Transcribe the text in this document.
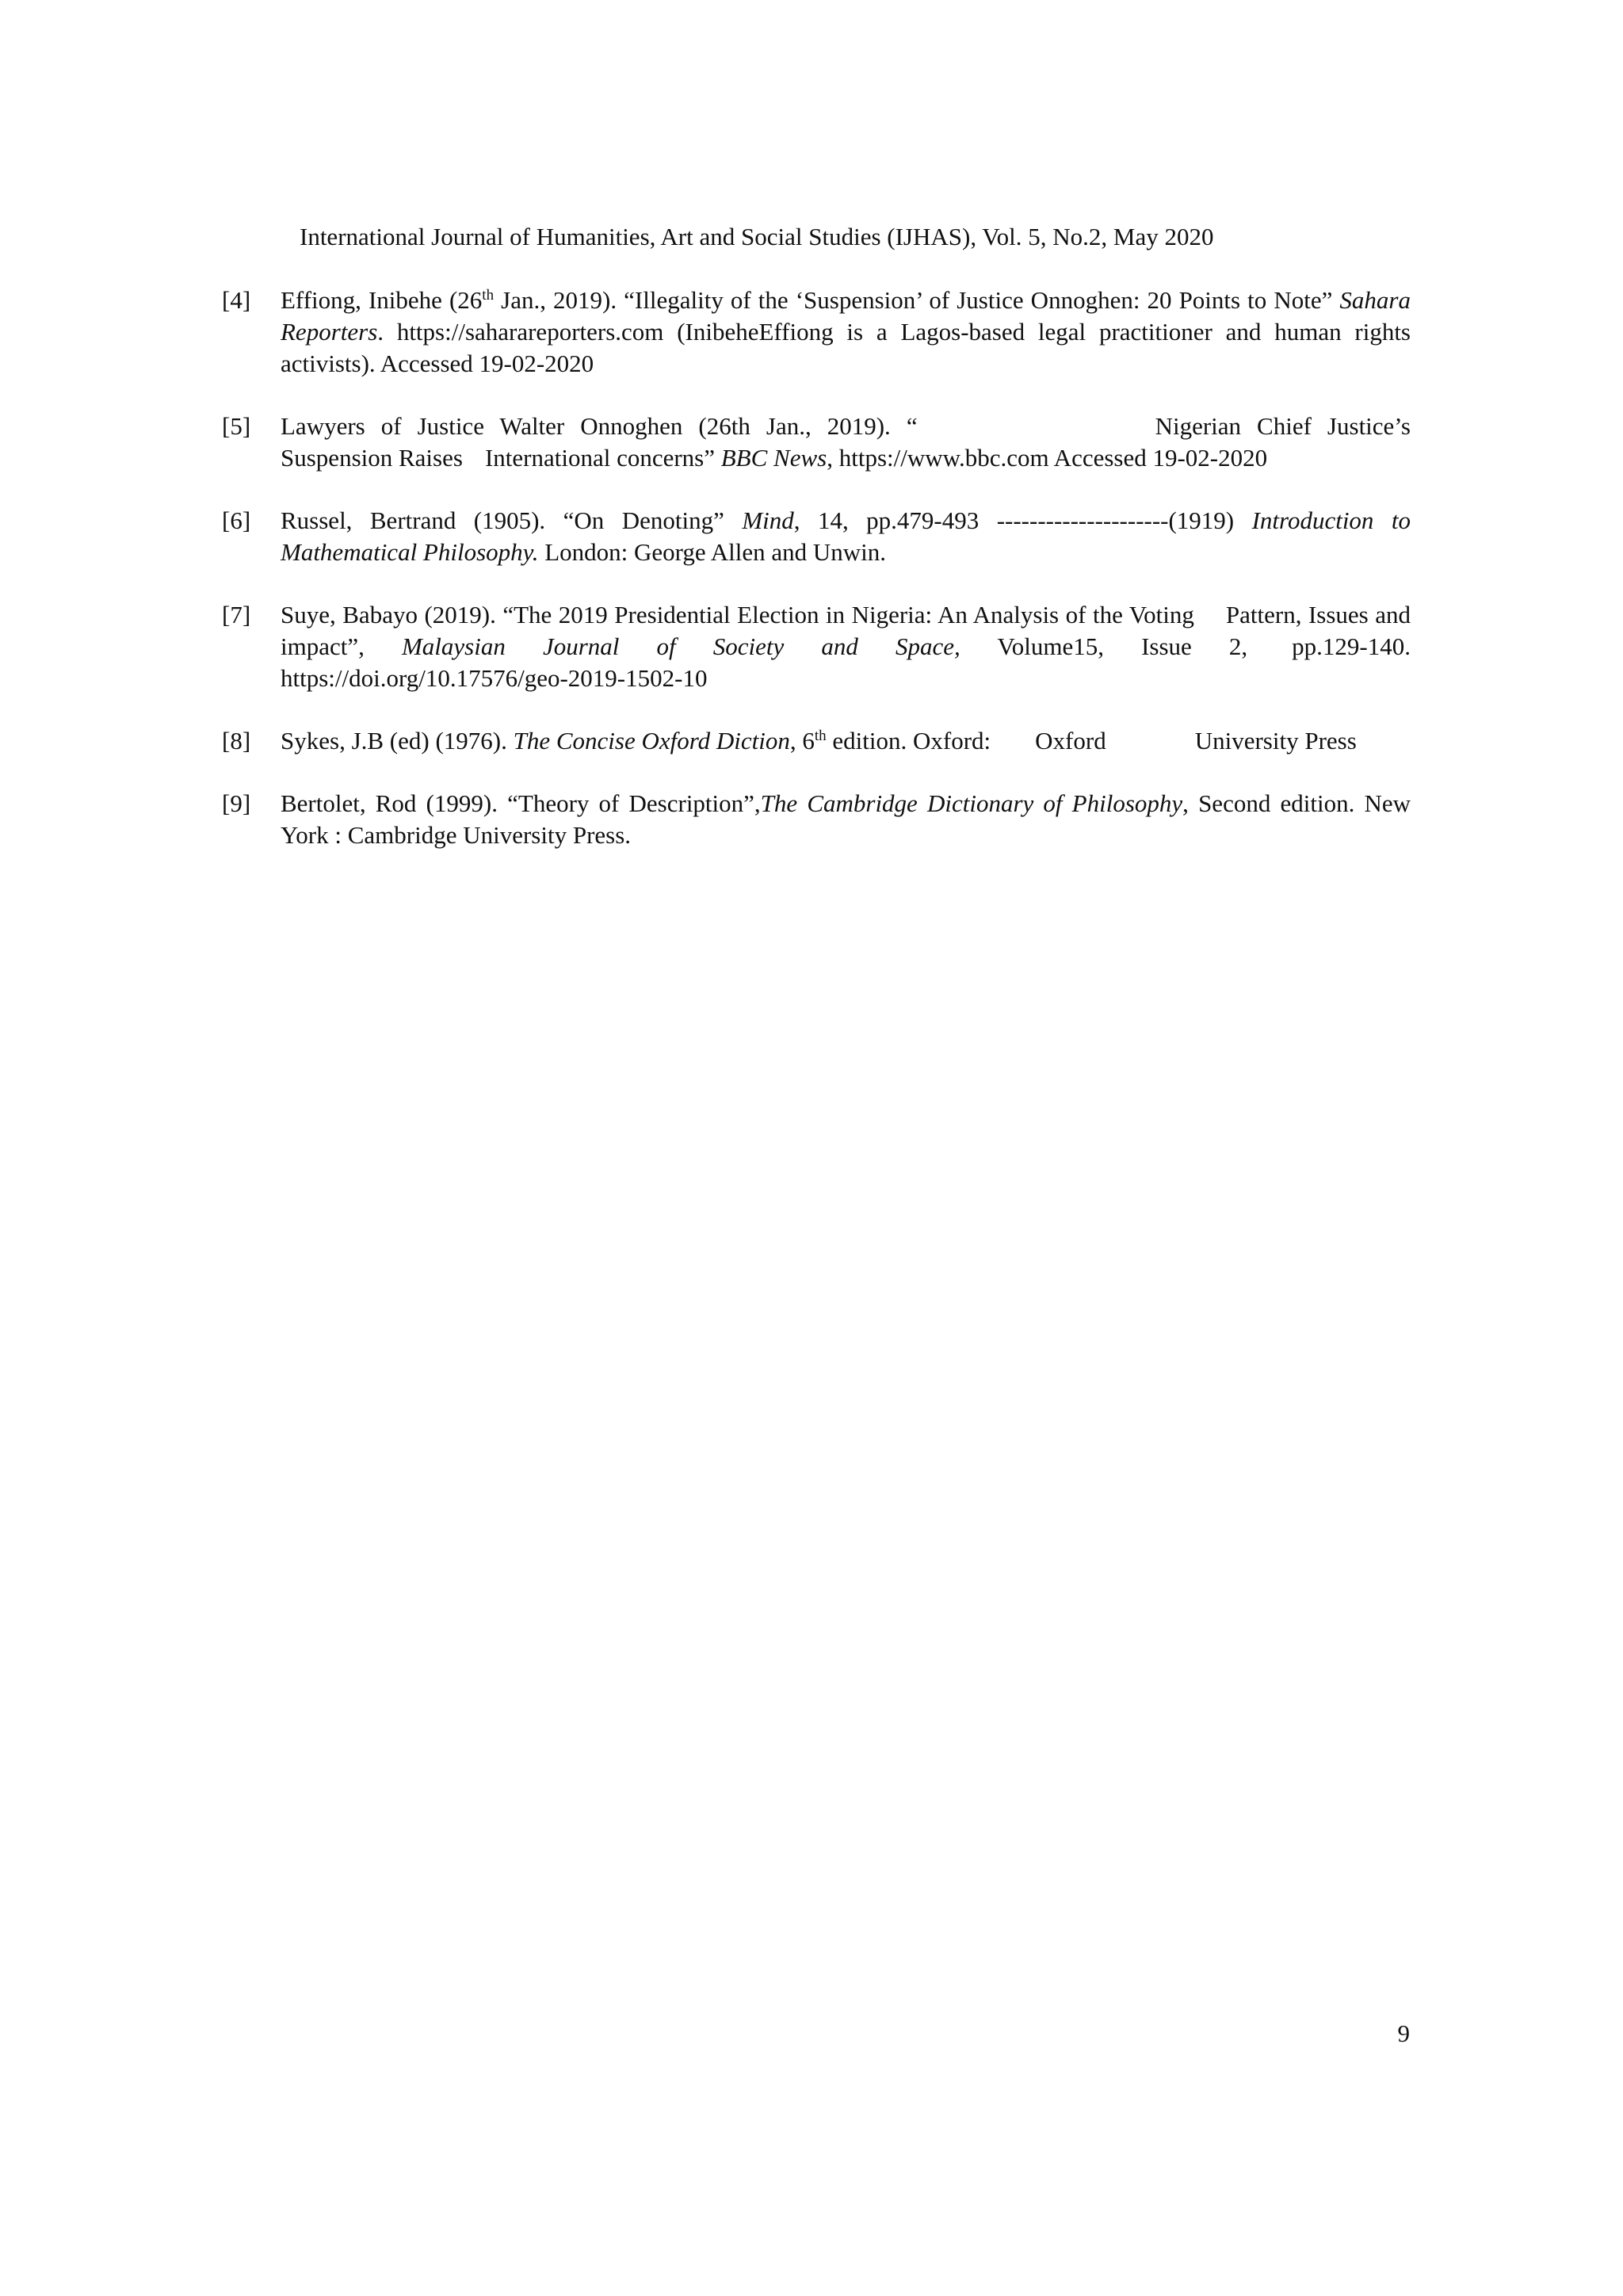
International Journal of Humanities, Art and Social Studies (IJHAS), Vol. 5, No.2, May 2020
[4]	Effiong, Inibehe (26th Jan., 2019). “Illegality of the ‘Suspension’ of Justice Onnoghen: 20 Points to Note” Sahara Reporters. https://saharareporters.com (InibeheEffiong is a Lagos-based legal practitioner and human rights activists). Accessed 19-02-2020
[5]	Lawyers of Justice Walter Onnoghen (26th Jan., 2019). “	Nigerian Chief Justice’s Suspension Raises International concerns” BBC News, https://www.bbc.com Accessed 19-02-2020
[6]	Russel, Bertrand (1905). “On Denoting” Mind, 14, pp.479-493 ---------------------(1919) Introduction to Mathematical Philosophy. London: George Allen and Unwin.
[7]	Suye, Babayo (2019). “The 2019 Presidential Election in Nigeria: An Analysis of the Voting Pattern, Issues and impact”, Malaysian Journal of Society and Space, Volume15, Issue 2, pp.129-140. https://doi.org/10.17576/geo-2019-1502-10
[8]	Sykes, J.B (ed) (1976). The Concise Oxford Diction, 6th edition. Oxford: Oxford	University Press
[9]	Bertolet, Rod (1999). “Theory of Description”,The Cambridge Dictionary of Philosophy, Second edition. New York : Cambridge University Press.
9
